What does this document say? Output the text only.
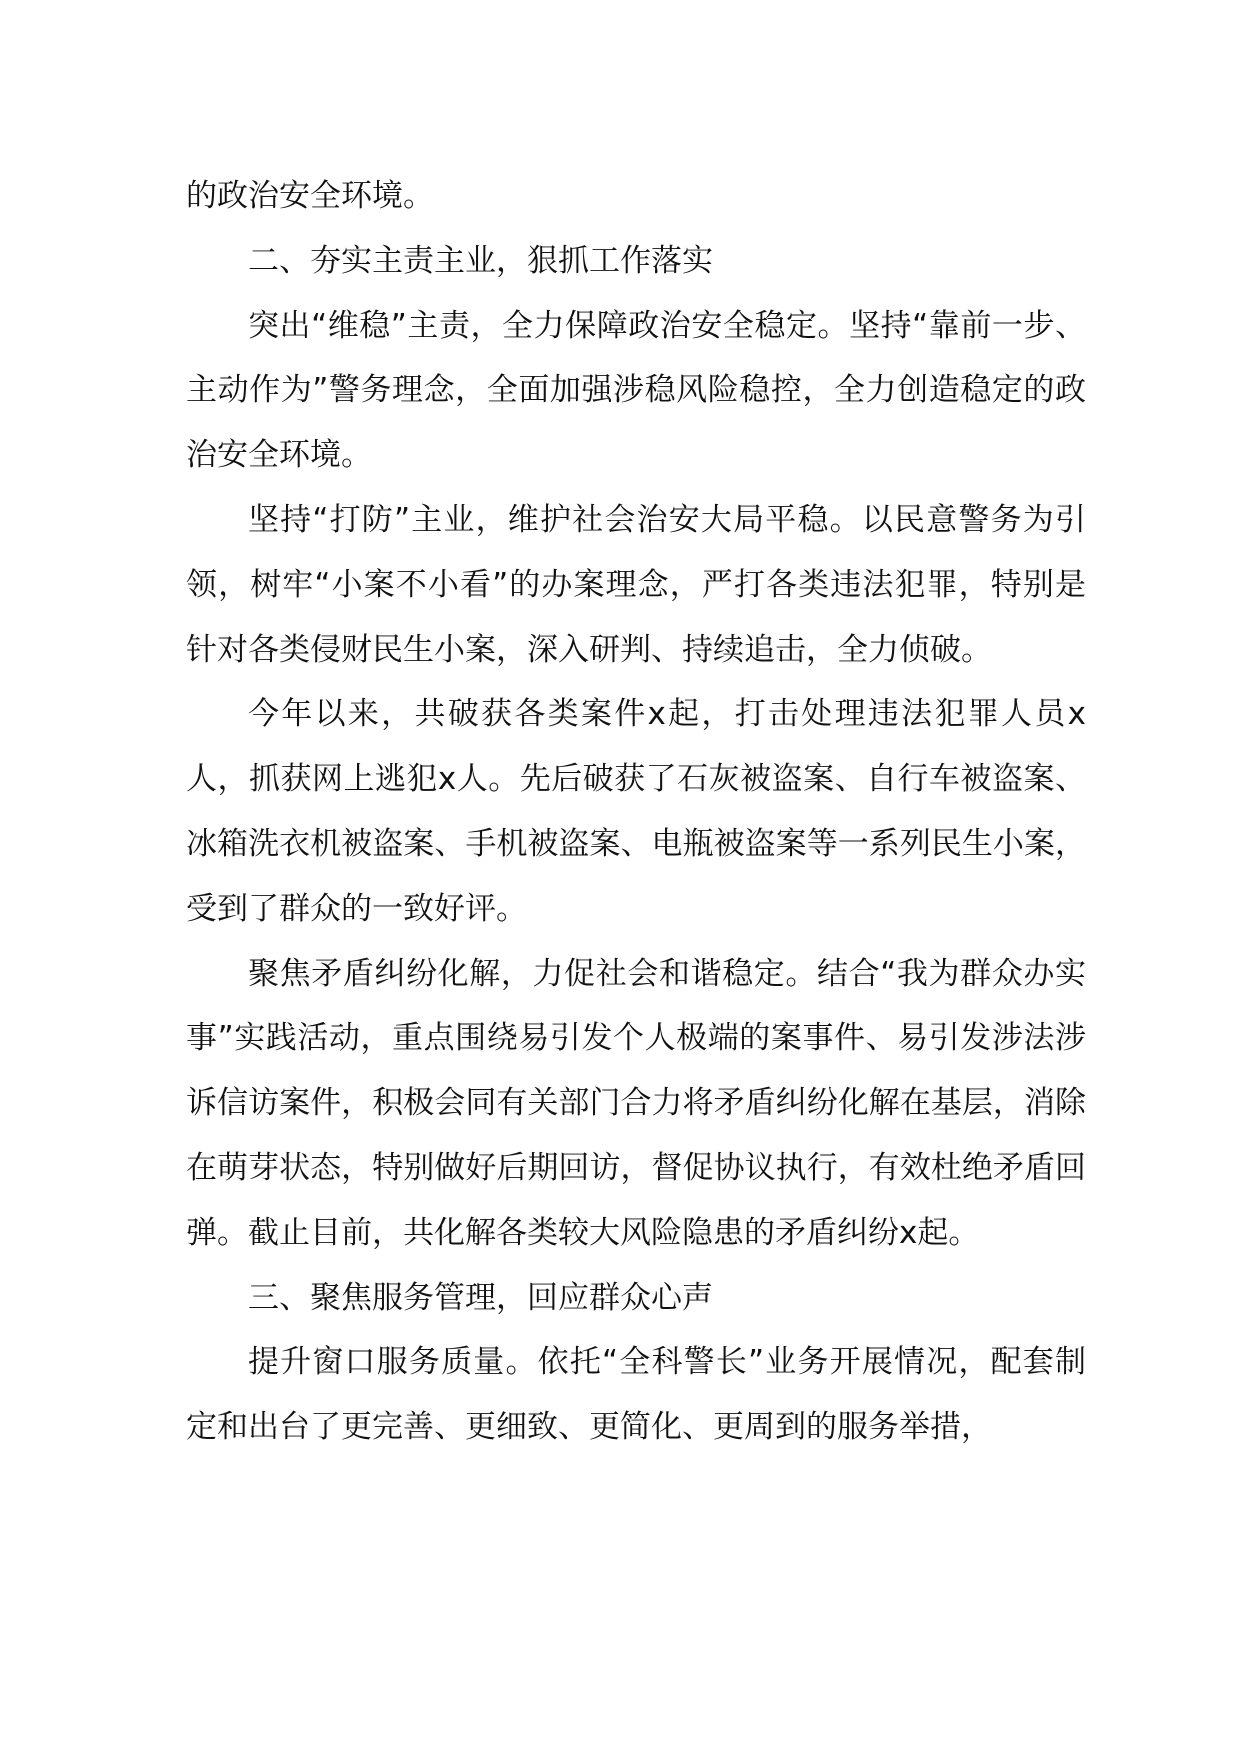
的政治安全环境。

二、夯实主责主业，狠抓工作落实

突出“维稳”主责，全力保障政治安全稳定。坚持“靠前一步、主动作为”警务理念，全面加强涉稳风险稳控，全力创造稳定的政治安全环境。

坚持“打防”主业，维护社会治安大局平稳。以民意警务为引领，树牢“小案不小看”的办案理念，严打各类违法犯罪，特别是针对各类侵财民生小案，深入研判、持续追击，全力侦破。

今年以来，共破获各类案件x起，打击处理违法犯罪人员x人，抓获网上逃犯x人。先后破获了石灰被盗案、自行车被盗案、冰箱洗衣机被盗案、手机被盗案、电瓶被盗案等一系列民生小案，受到了群众的一致好评。

聚焦矛盾纠纷化解，力促社会和谐稳定。结合“我为群众办实事”实践活动，重点围绕易引发个人极端的案事件、易引发涉法涉诉信访案件，积极会同有关部门合力将矛盾纠纷化解在基层，消除在萌芽状态，特别做好后期回访，督促协议执行，有效杜绝矛盾回弹。截止目前，共化解各类较大风险隐患的矛盾纠纷x起。

三、聚焦服务管理，回应群众心声

提升窗口服务质量。依托“全科警长”业务开展情况，配套制定和出台了更完善、更细致、更简化、更周到的服务举措，
